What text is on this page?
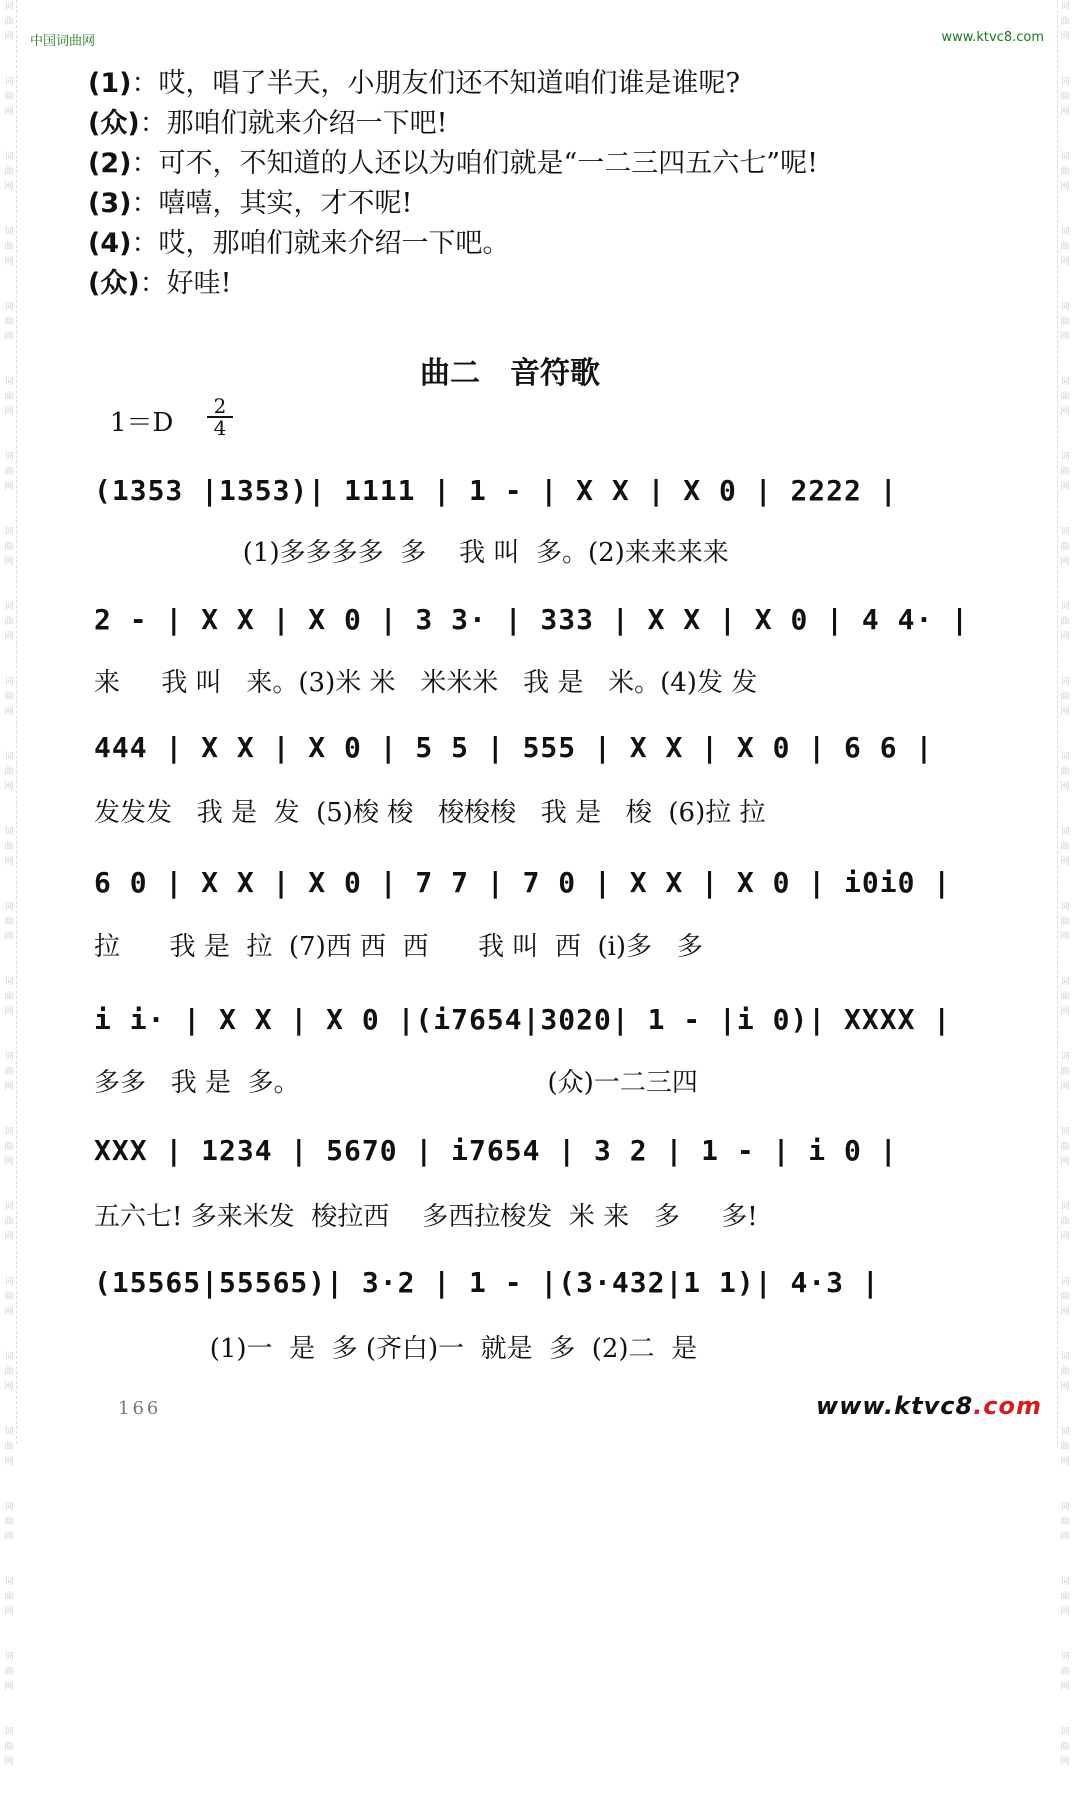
词
曲
网

词
曲
网

词
曲
网

词
曲
网

词
曲
网

词
曲
网

词
曲
网

词
曲
网

词
曲
网

词
曲
网

词
曲
网

词
曲
网

词
曲
网

词
曲
网

词
曲
网

词
曲
网

词
曲
网

词
曲
网

词
曲
网

词
曲
网

词
曲
网

词
曲
网

词
曲
网

词
曲
网

词
曲
网

词
曲
网

词
曲
网

词
曲
网

词
曲
网

词
曲
网

词
曲
网

词
曲
网

词
曲
网

词
曲
网

词
曲
网

词
曲
网

词
曲
网

词
曲
网

词
曲
网

词
曲
网

词
曲
网

词
曲
网

词
曲
网

词
曲
网

词
曲
网

词
曲
网

词
曲
网

词
曲
网

中国词曲网	www.ktvc8.com
(1)：哎，唱了半天，小朋友们还不知道咱们谁是谁呢?
(众)：那咱们就来介绍一下吧!
(2)：可不，不知道的人还以为咱们就是“一二三四五六七”呢!
(3)：嘻嘻，其实，才不呢!
(4)：哎，那咱们就来介绍一下吧。
(众)：好哇!
曲二　音符歌
1＝D
2
4
(1353 |1353)| 1111 | 1 - | X X | X 0 | 2222 |
(1)多多多多  多    我 叫  多。(2)来来来来
2 - | X X | X 0 | 3 3· | 333 | X X | X 0 | 4 4· |
来     我 叫   来。(3)米 米   米米米   我 是   米。(4)发 发
444 | X X | X 0 | 5 5 | 555 | X X | X 0 | 6 6 |
发发发   我 是  发  (5)梭 梭   梭梭梭   我 是   梭  (6)拉 拉
6 0 | X X | X 0 | 7 7 | 7 0 | X X | X 0 | i0i0 |
拉      我 是  拉  (7)西 西  西      我 叫  西  (i)多   多
i i· | X X | X 0 |(i7654|3020| 1 - |i 0)| XXXX |
多多   我 是  多。                              (众)一二三四
XXX | 1234 | 5670 | i7654 | 3 2 | 1 - | i 0 |
五六七! 多来米发  梭拉西    多西拉梭发  米 来   多     多!
(15565|55565)| 3·2 | 1 - |(3·432|1 1)| 4·3 |
(1)一  是  多 (齐白)一  就是  多  (2)二  是
166	www.ktvc8.com
